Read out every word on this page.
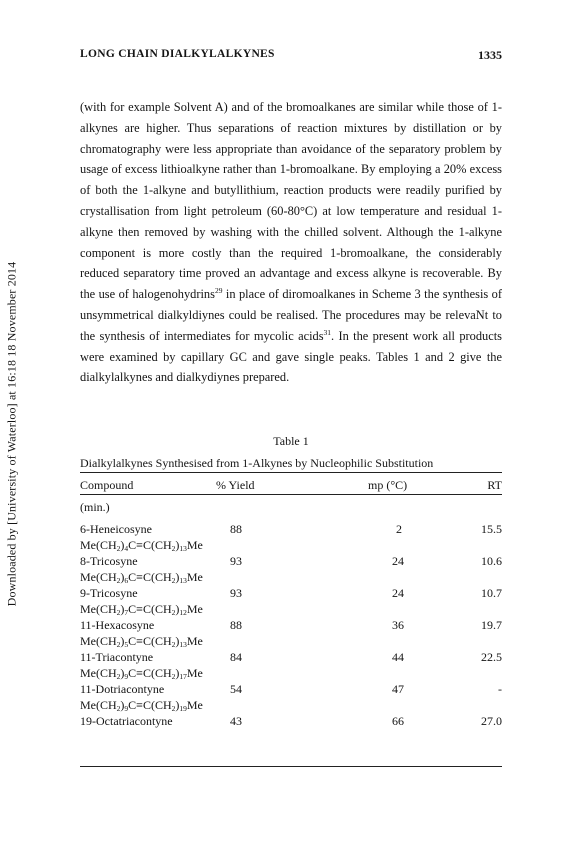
Downloaded by [University of Waterloo] at 16:18 18 November 2014
LONG CHAIN DIALKYLALKYNES	1335

(with for example Solvent A) and of the bromoalkanes are similar while those of 1-alkynes are higher. Thus separations of reaction mixtures by distillation or by chromatography were less appropriate than avoidance of the separatory problem by usage of excess lithioalkyne rather than 1-bromoalkane. By employing a 20% excess of both the 1-alkyne and butyllithium, reaction products were readily purified by crystallisation from light petroleum (60-80°C) at low temperature and residual 1-alkyne then removed by washing with the chilled solvent. Although the 1-alkyne component is more costly than the required 1-bromoalkane, the considerably reduced separatory time proved an advantage and excess alkyne is recoverable. By the use of halogenohydrins$^{29}$ in place of diromoalkanes in Scheme 3 the synthesis of unsymmetrical dialkyldiynes could be realised. The procedures may be relevaNt to the synthesis of intermediates for mycolic acids$^{31}$. In the present work all products were examined by capillary GC and gave single peaks. Tables 1 and 2 give the dialkylalkynes and dialkydiynes prepared.

Table 1
Dialkylalkynes Synthesised from 1-Alkynes by Nucleophilic Substitution
Compound	% Yield	mp (°C)	RT
(min.)
6-Heneicosyne	88	2	15.5
$Me(CH_2)_4C\equiv C(CH_2)_{13}Me$
8-Tricosyne	93	24	10.6
$Me(CH_2)_6C\equiv C(CH_2)_{13}Me$
9-Tricosyne	93	24	10.7
$Me(CH_2)_7C\equiv C(CH_2)_{12}Me$
11-Hexacosyne	88	36	19.7
$Me(CH_2)_5C\equiv C(CH_2)_{13}Me$
11-Triacontyne	84	44	22.5
$Me(CH_2)_9C\equiv C(CH_2)_{17}Me$
11-Dotriacontyne	54	47	-
$Me(CH_2)_9C\equiv C(CH_2)_{19}Me$
19-Octatriacontyne	43	66	27.0
